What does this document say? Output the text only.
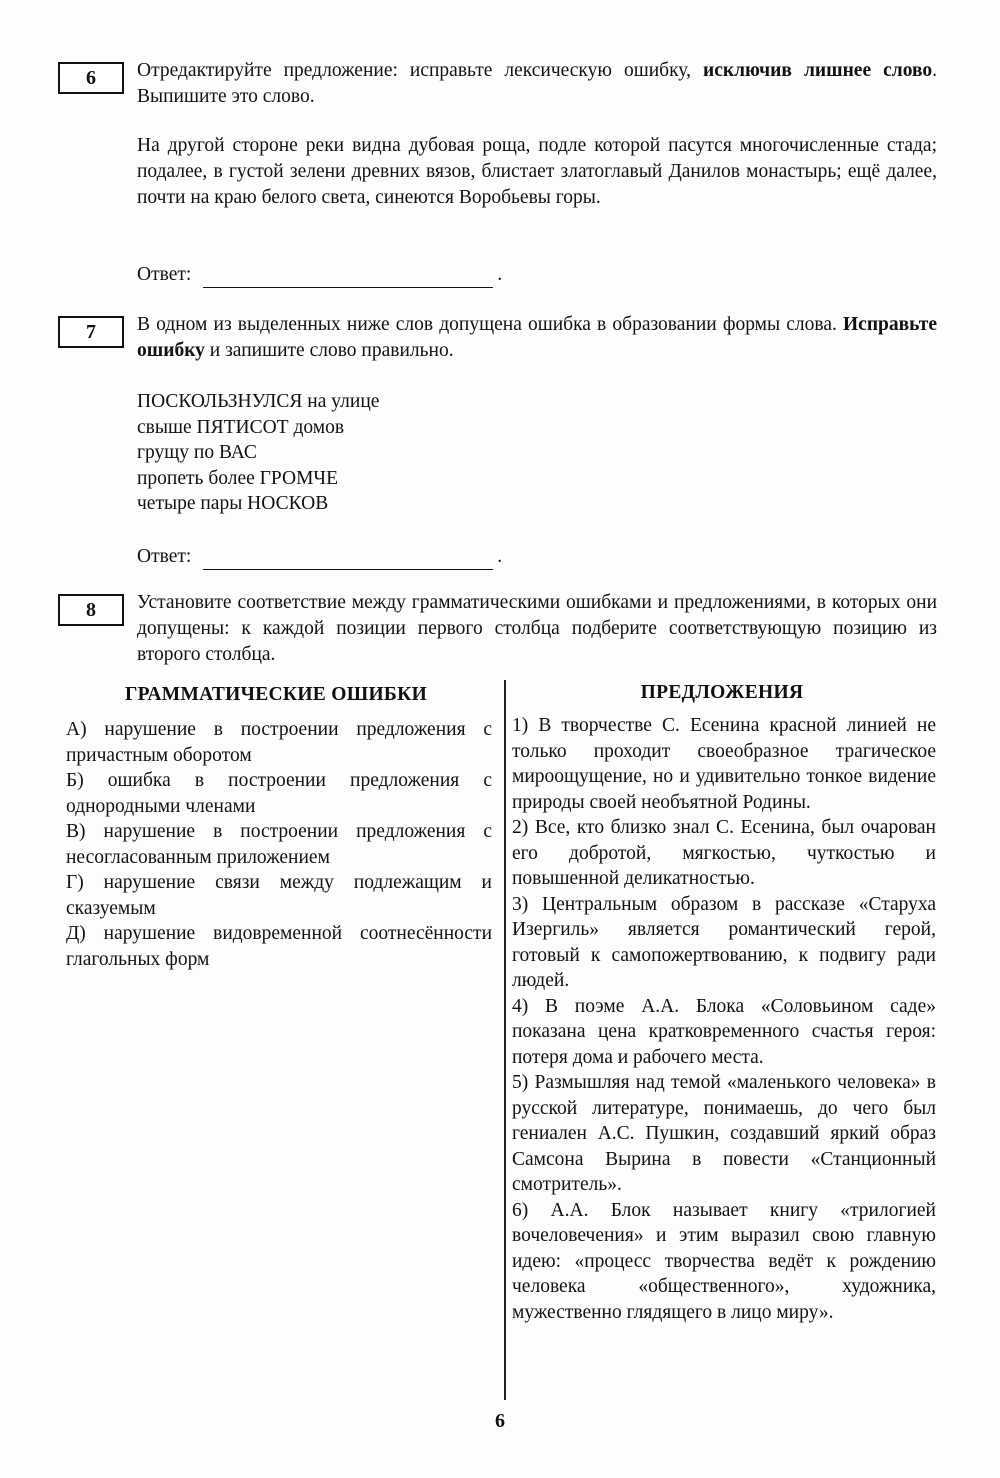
6	Отредактируйте предложение: исправьте лексическую ошибку, исключив лишнее слово. Выпишите это слово.

На другой стороне реки видна дубовая роща, подле которой пасутся многочисленные стада; подалее, в густой зелени древних вязов, блистает златоглавый Данилов монастырь; ещё далее, почти на краю белого света, синеются Воробьевы горы.

Ответ:	.
7	В одном из выделенных ниже слов допущена ошибка в образовании формы слова. Исправьте ошибку и запишите слово правильно.

ПОСКОЛЬЗНУЛСЯ на улице
свыше ПЯТИСОТ домов
грущу по ВАС
пропеть более ГРОМЧЕ
четыре пары НОСКОВ
Ответ:	.
8	Установите соответствие между грамматическими ошибками и предложениями, в которых они допущены: к каждой позиции первого столбца подберите соответствующую позицию из второго столбца.

ГРАММАТИЧЕСКИЕ ОШИБКИ	ПРЕДЛОЖЕНИЯ
А) нарушение в построении предложения с причастным оборотом
Б) ошибка в построении предложения с однородными членами
В) нарушение в построении предложения с несогласованным приложением
Г) нарушение связи между подлежащим и сказуемым
Д) нарушение видовременной соотнесённости глагольных форм
1) В творчестве С. Есенина красной линией не только проходит своеобразное трагическое мироощущение, но и удивительно тонкое видение природы своей необъятной Родины.
2) Все, кто близко знал С. Есенина, был очарован его добротой, мягкостью, чуткостью и повышенной деликатностью.
3) Центральным образом в рассказе «Старуха Изергиль» является романтический герой, готовый к самопожертвованию, к подвигу ради людей.
4) В поэме А.А. Блока «Соловьином саде» показана цена кратковременного счастья героя: потеря дома и рабочего места.
5) Размышляя над темой «маленького человека» в русской литературе, понимаешь, до чего был гениален А.С. Пушкин, создавший яркий образ Самсона Вырина в повести «Станционный смотритель».
6) А.А. Блок называет книгу «трилогией вочеловечения» и этим выразил свою главную идею: «процесс творчества ведёт к рождению человека «общественного», художника, мужественно глядящего в лицо миру».
6
